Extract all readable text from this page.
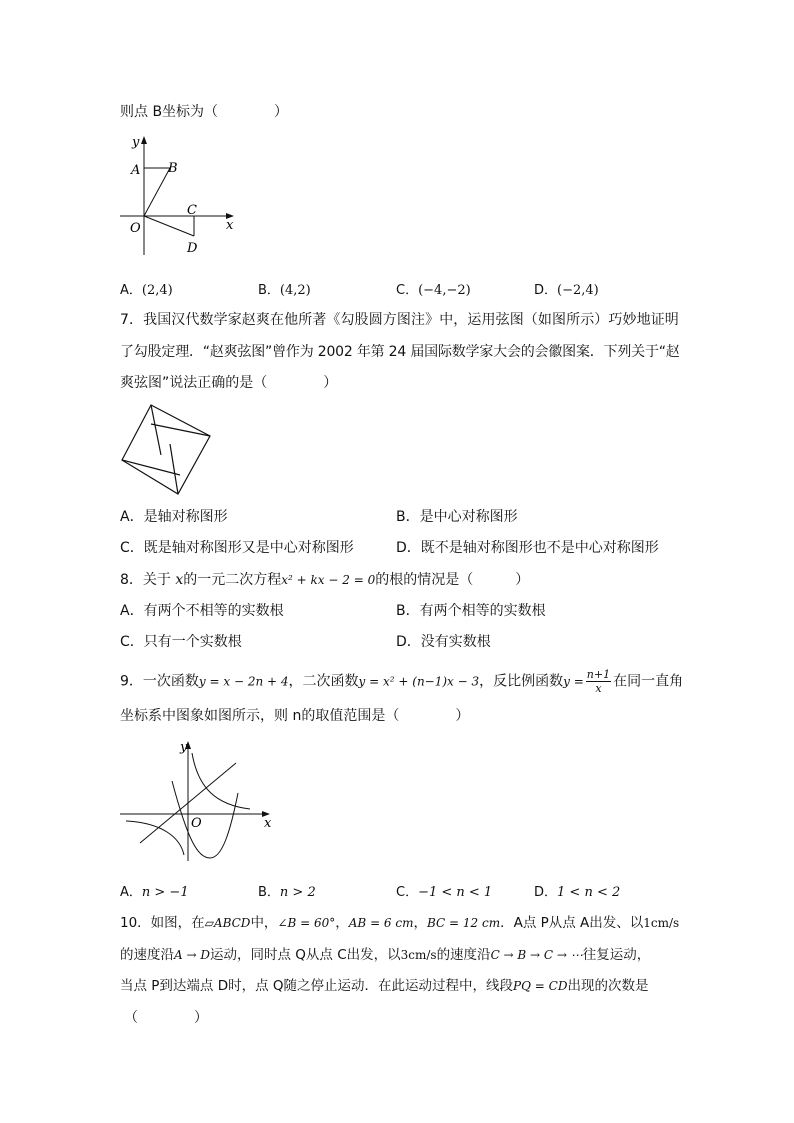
则点 B坐标为（　　　　）
y
A B
O
C
D
x
A．(2,4)	B．(4,2)	C．(−4,−2)	D．(−2,4)
7．我国汉代数学家赵爽在他所著《勾股圆方图注》中，运用弦图（如图所示）巧妙地证明
了勾股定理．“赵爽弦图”曾作为 2002 年第 24 届国际数学家大会的会徽图案．下列关于“赵
爽弦图”说法正确的是（　　　　）
A．是轴对称图形	B．是中心对称图形
C．既是轴对称图形又是中心对称图形	D．既不是轴对称图形也不是中心对称图形
8．关于 x的一元二次方程x² + kx − 2 = 0的根的情况是（　　　）
A．有两个不相等的实数根	B．有两个相等的实数根
C．只有一个实数根	D．没有实数根
9．一次函数y = x − 2n + 4，二次函数y = x² + (n−1)x − 3，反比例函数$y = \frac{n+1}{x}$ 在同一直角
坐标系中图象如图所示，则 n的取值范围是（　　　　）
y
O	x
A．n > −1	B．n > 2	C．−1 < n < 1	D．1 < n < 2
10．如图，在▱ABCD中，∠B = 60°，AB = 6 cm，BC = 12 cm．A点 P从点 A出发、以1cm/s
的速度沿A → D运动，同时点 Q从点 C出发，以3cm/s的速度沿C → B → C → ⋯往复运动，
当点 P到达端点 D时，点 Q随之停止运动．在此运动过程中，线段PQ = CD出现的次数是
（　　　　）
